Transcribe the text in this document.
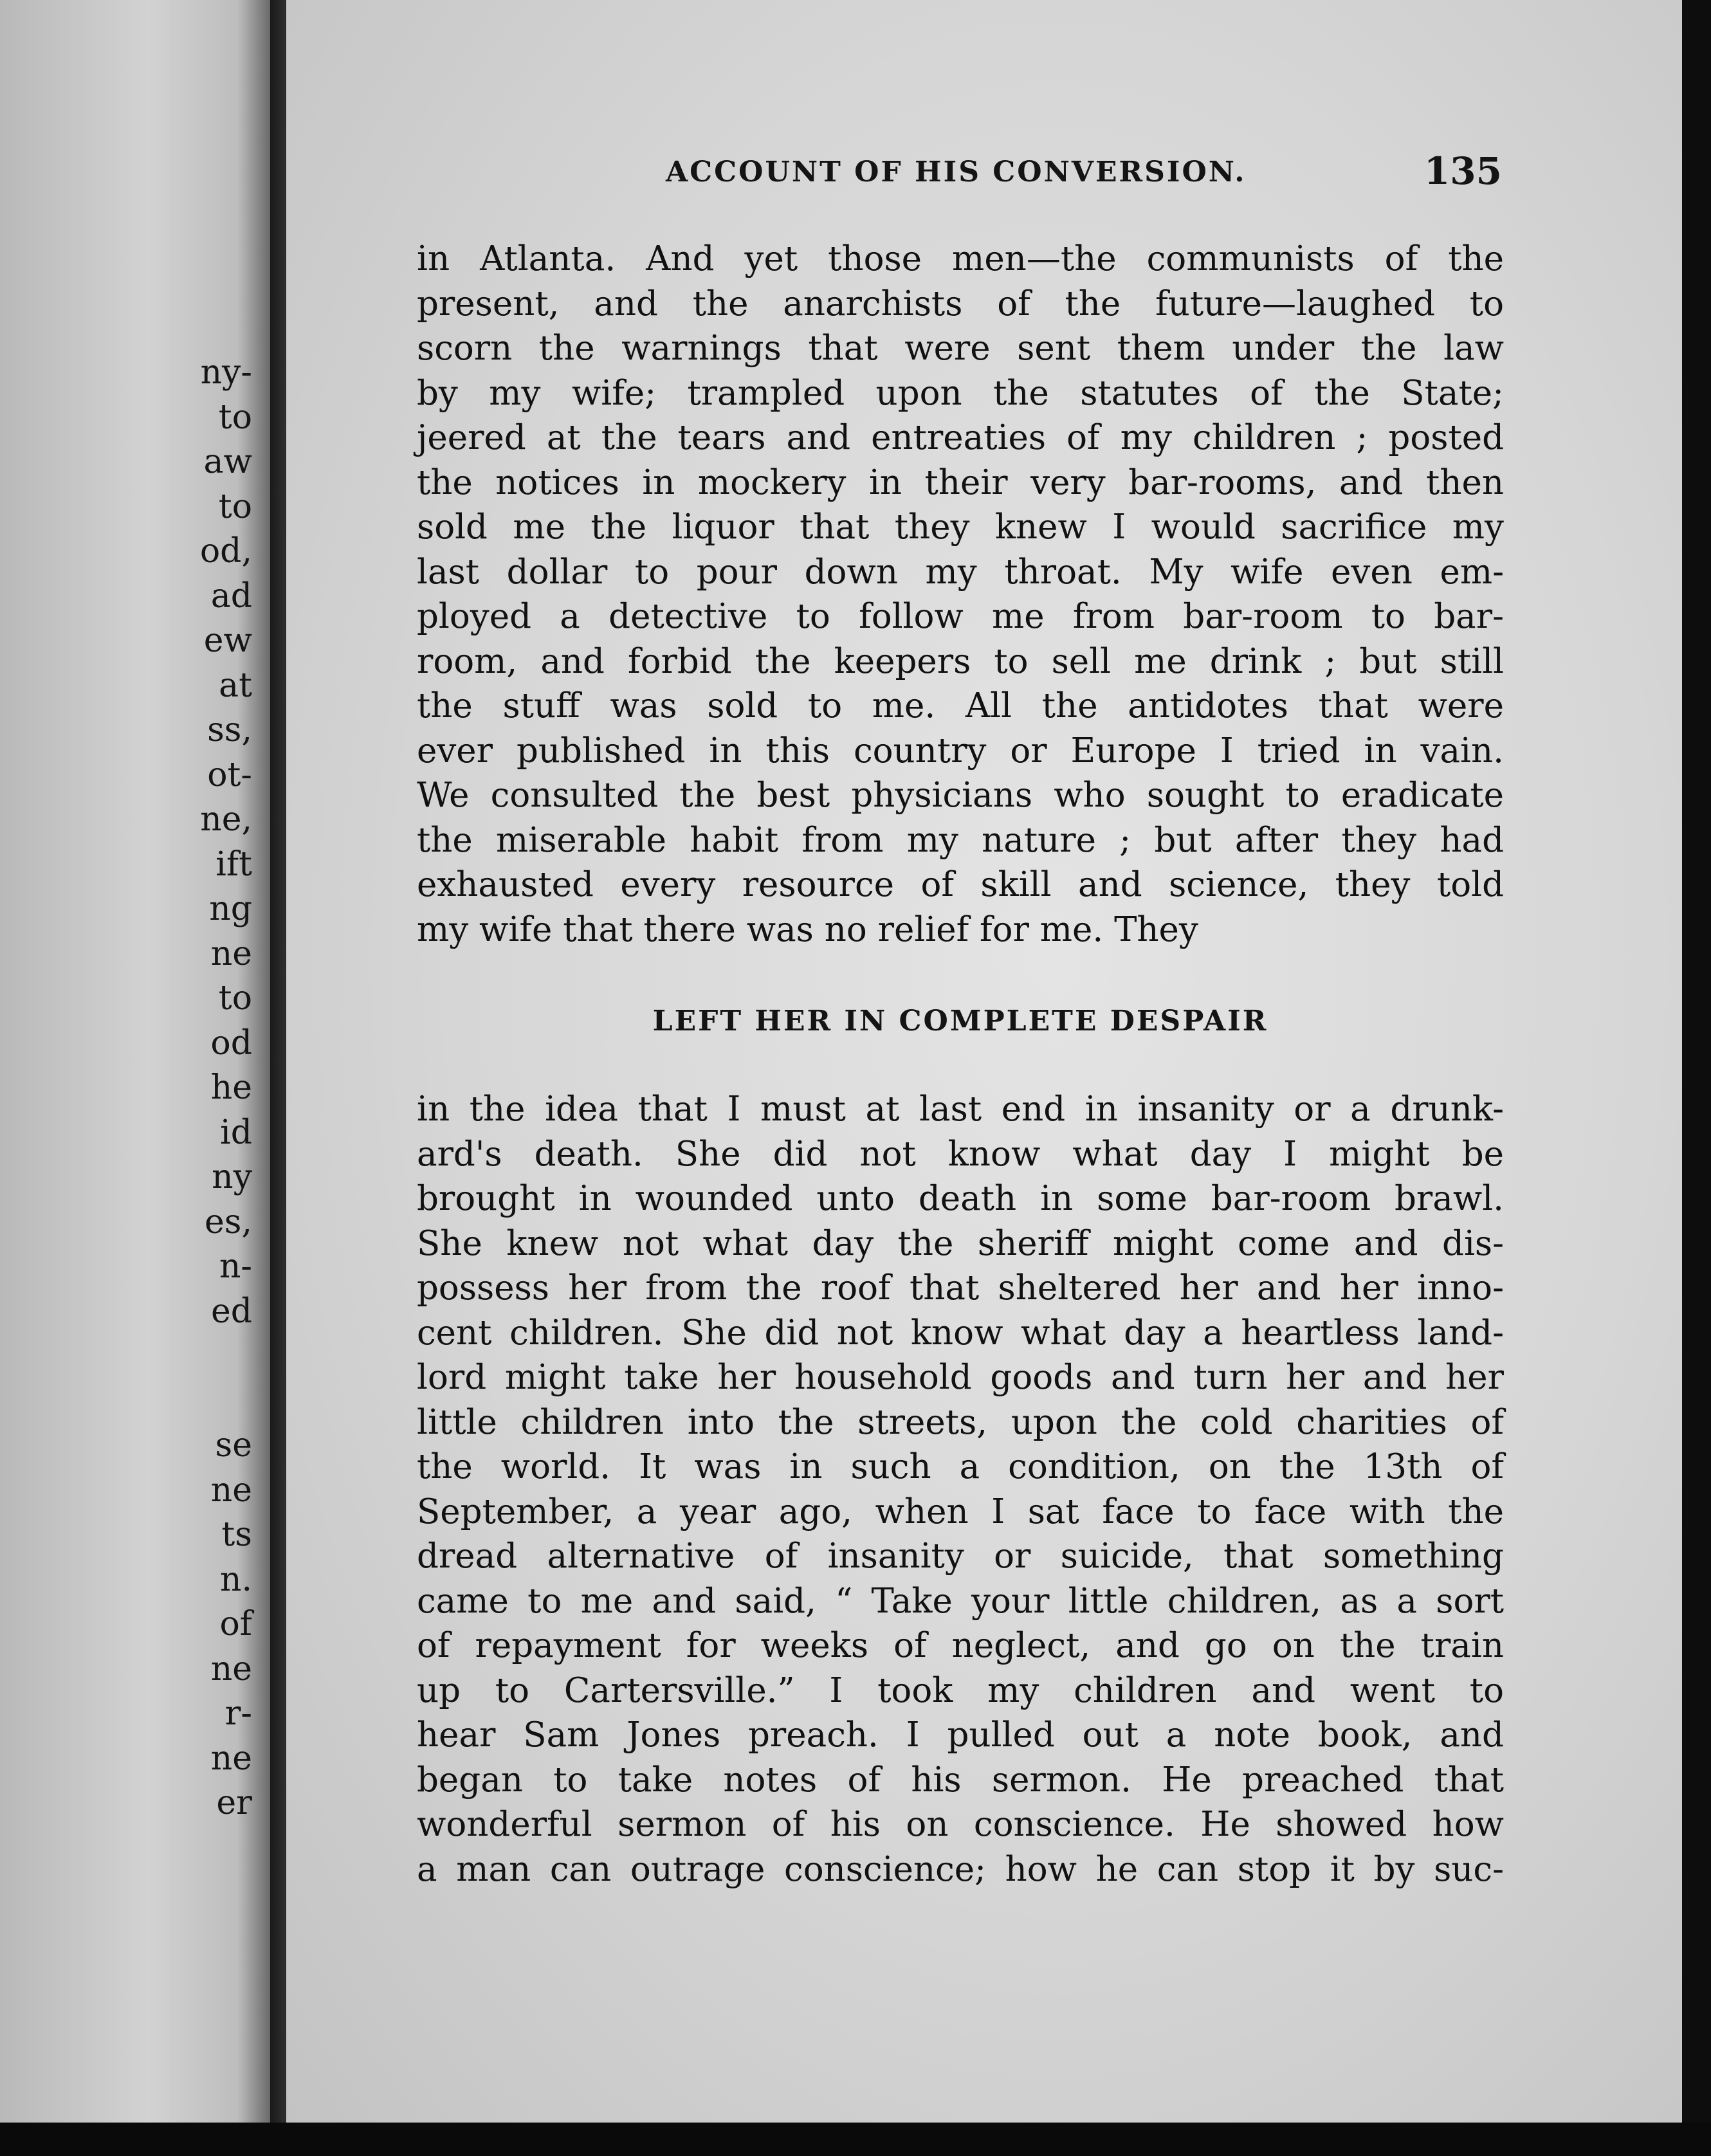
ny-
to
aw
to
od,
ad
ew
at
ss,
ot-
ne,
ift
ng
ne
to
od
he
id
ny
es,
n-
ed
se
ne
ts
n.
of
ne
r-
ne
er
ACCOUNT OF HIS CONVERSION.	135
in Atlanta. And yet those men—the communists of the
present, and the anarchists of the future—laughed to
scorn the warnings that were sent them under the law
by my wife; trampled upon the statutes of the State;
jeered at the tears and entreaties of my children ; posted
the notices in mockery in their very bar-rooms, and then
sold me the liquor that they knew I would sacrifice my
last dollar to pour down my throat. My wife even em-
ployed a detective to follow me from bar-room to bar-
room, and forbid the keepers to sell me drink ; but still
the stuff was sold to me. All the antidotes that were
ever published in this country or Europe I tried in vain.
We consulted the best physicians who sought to eradicate
the miserable habit from my nature ; but after they had
exhausted every resource of skill and science, they told
my wife that there was no relief for me. They
LEFT HER IN COMPLETE DESPAIR
in the idea that I must at last end in insanity or a drunk-
ard's death. She did not know what day I might be
brought in wounded unto death in some bar-room brawl.
She knew not what day the sheriff might come and dis-
possess her from the roof that sheltered her and her inno-
cent children. She did not know what day a heartless land-
lord might take her household goods and turn her and her
little children into the streets, upon the cold charities of
the world. It was in such a condition, on the 13th of
September, a year ago, when I sat face to face with the
dread alternative of insanity or suicide, that something
came to me and said, “ Take your little children, as a sort
of repayment for weeks of neglect, and go on the train
up to Cartersville.” I took my children and went to
hear Sam Jones preach. I pulled out a note book, and
began to take notes of his sermon. He preached that
wonderful sermon of his on conscience. He showed how
a man can outrage conscience; how he can stop it by suc-
